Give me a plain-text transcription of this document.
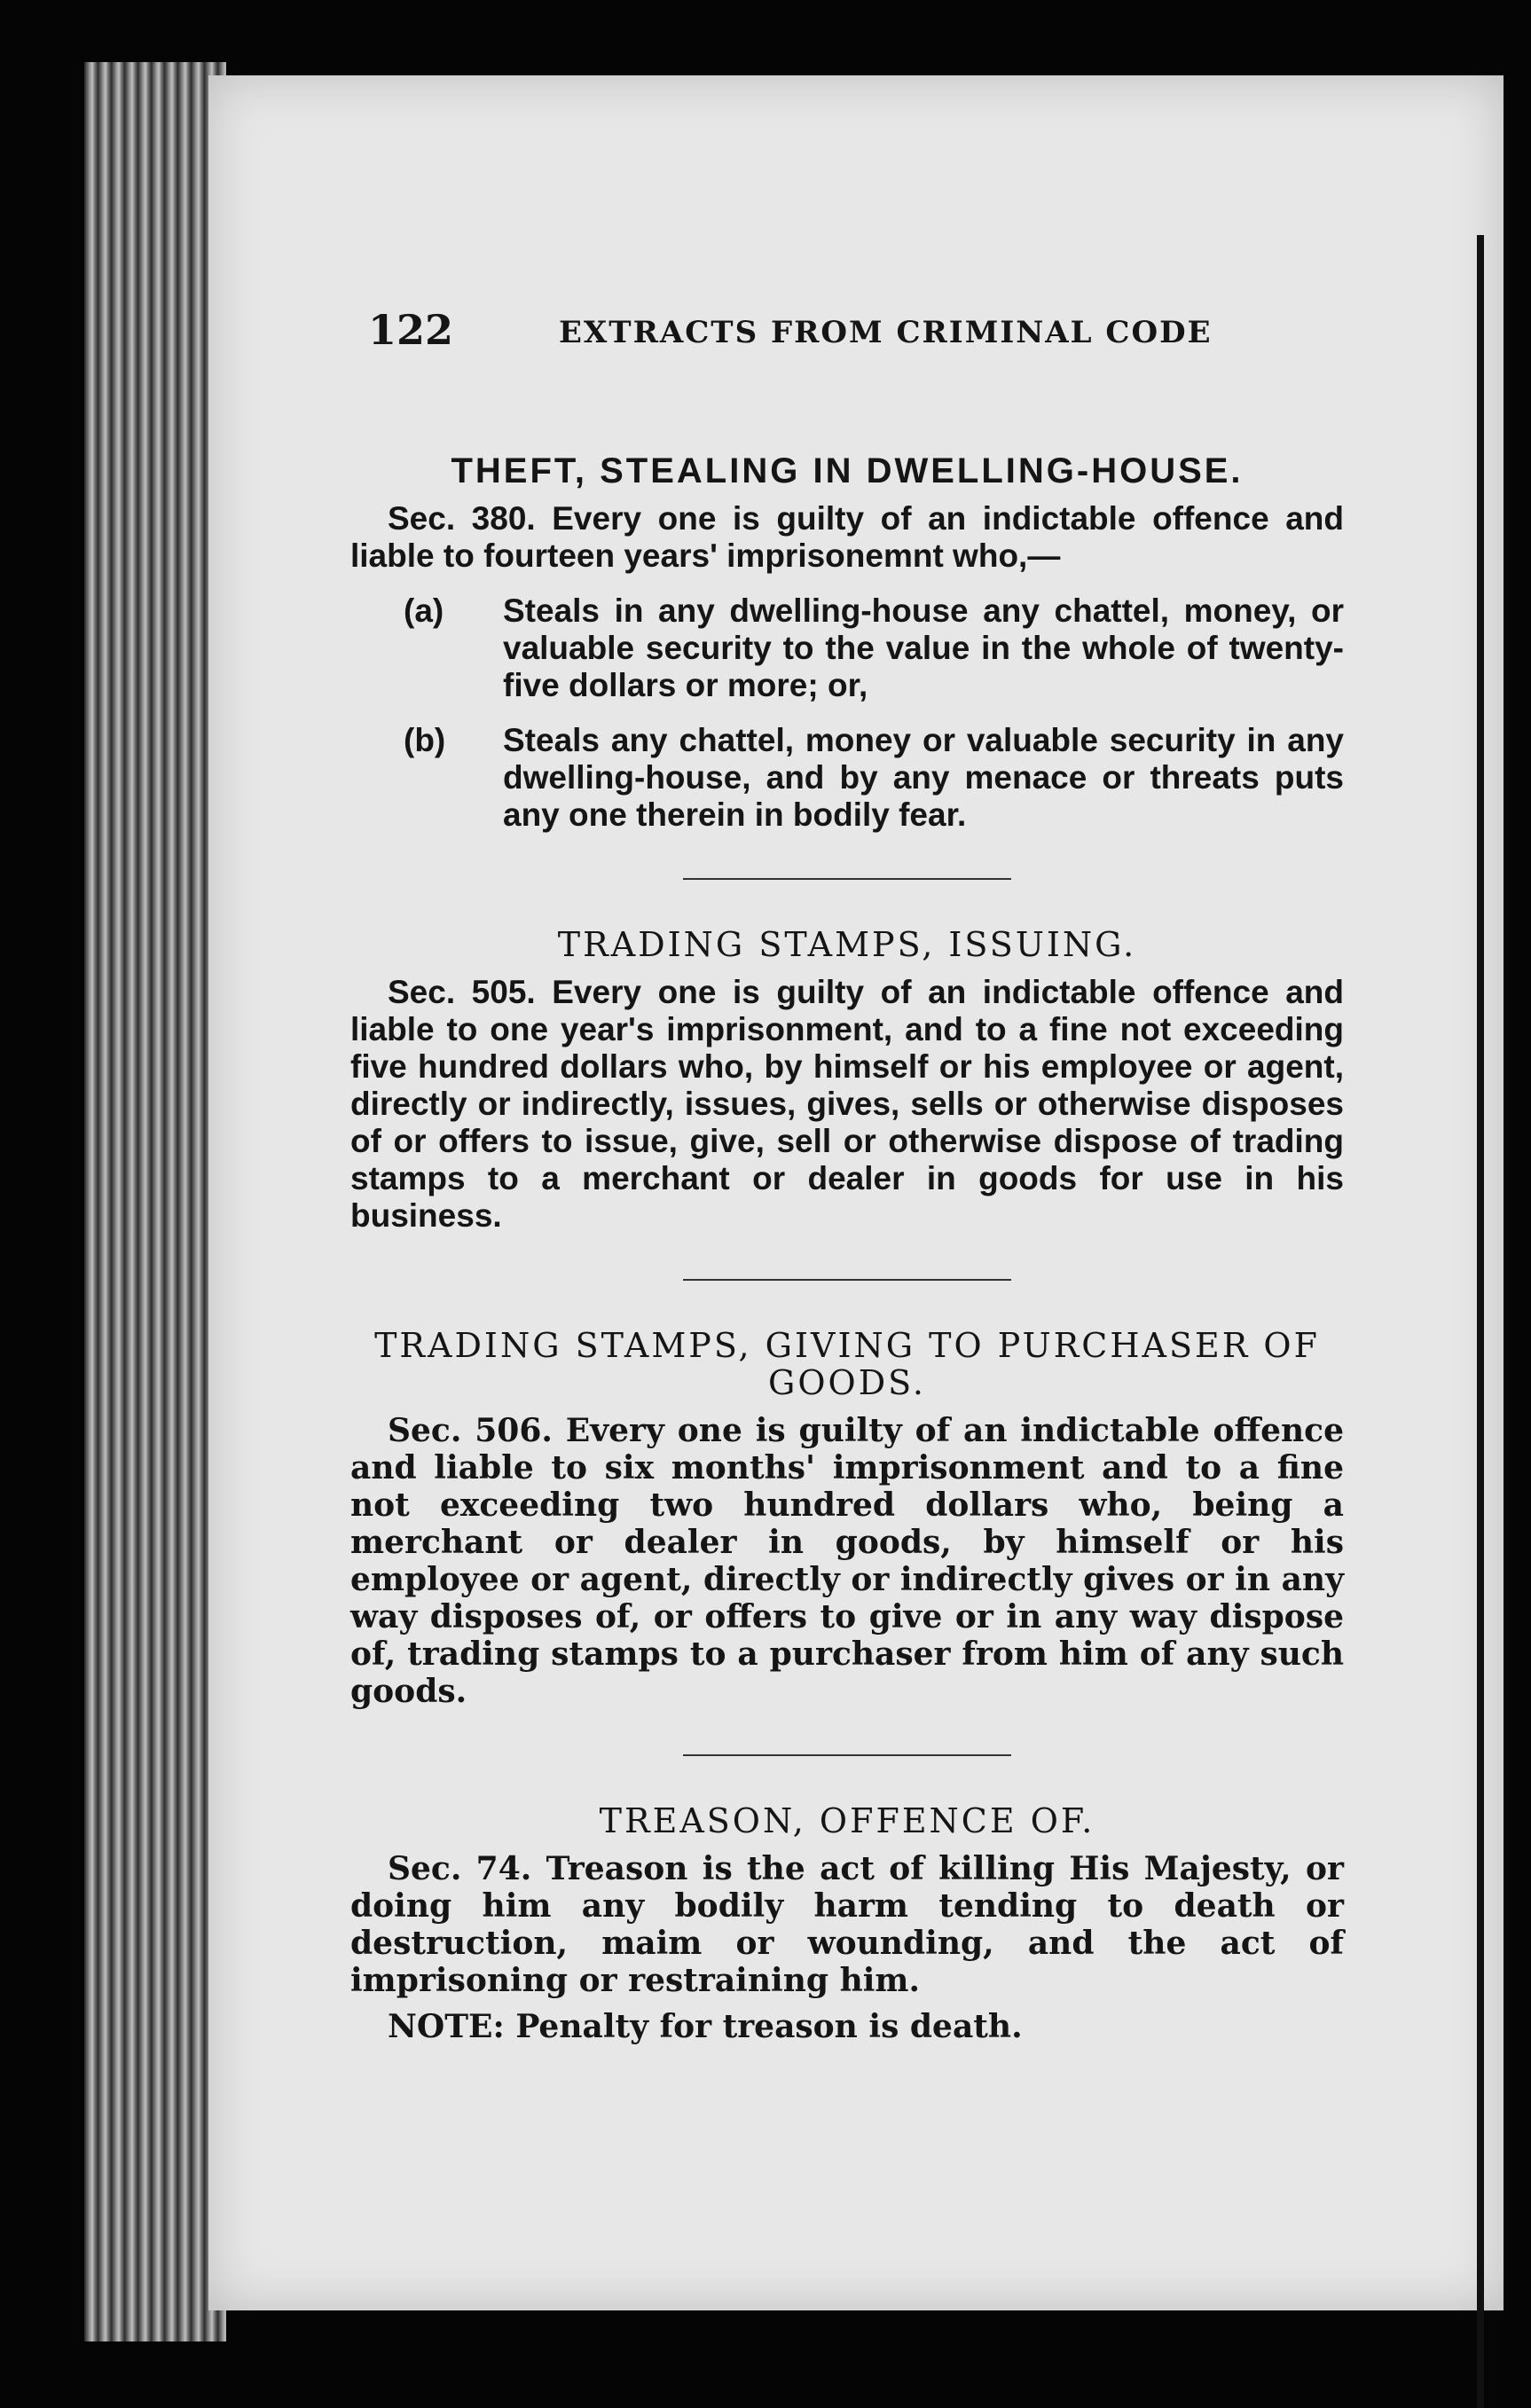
122	EXTRACTS FROM CRIMINAL CODE
THEFT, STEALING IN DWELLING-HOUSE.

Sec. 380. Every one is guilty of an indictable offence and liable to fourteen years' imprisonemnt who,—

(a)	Steals in any dwelling-house any chattel, money, or valuable security to the value in the whole of twenty-five dollars or more; or,
(b)	Steals any chattel, money or valuable security in any dwelling-house, and by any menace or threats puts any one therein in bodily fear.
TRADING STAMPS, ISSUING.

Sec. 505. Every one is guilty of an indictable offence and liable to one year's imprisonment, and to a fine not exceeding five hundred dollars who, by himself or his employee or agent, directly or indirectly, issues, gives, sells or otherwise disposes of or offers to issue, give, sell or otherwise dispose of trading stamps to a merchant or dealer in goods for use in his business.

TRADING STAMPS, GIVING TO PURCHASER OF GOODS.

Sec. 506. Every one is guilty of an indictable offence and liable to six months' imprisonment and to a fine not exceeding two hundred dollars who, being a merchant or dealer in goods, by himself or his employee or agent, directly or indirectly gives or in any way disposes of, or offers to give or in any way dispose of, trading stamps to a purchaser from him of any such goods.

TREASON, OFFENCE OF.

Sec. 74. Treason is the act of killing His Majesty, or doing him any bodily harm tending to death or destruction, maim or wounding, and the act of imprisoning or restraining him.

NOTE: Penalty for treason is death.
